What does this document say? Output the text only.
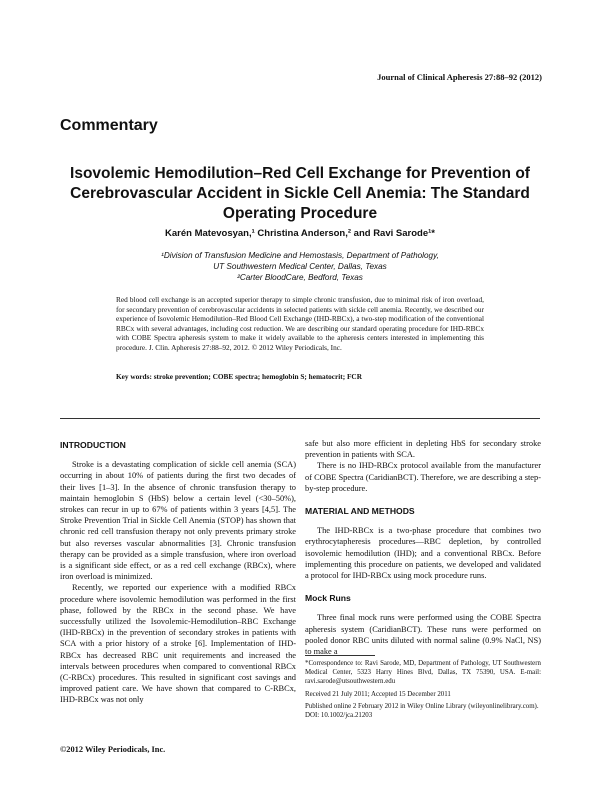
Journal of Clinical Apheresis 27:88–92 (2012)
Commentary
Isovolemic Hemodilution–Red Cell Exchange for Prevention of Cerebrovascular Accident in Sickle Cell Anemia: The Standard Operating Procedure
Karén Matevosyan,¹ Christina Anderson,² and Ravi Sarode¹*
¹Division of Transfusion Medicine and Hemostasis, Department of Pathology,
UT Southwestern Medical Center, Dallas, Texas
²Carter BloodCare, Bedford, Texas
Red blood cell exchange is an accepted superior therapy to simple chronic transfusion, due to minimal risk of iron overload, for secondary prevention of cerebrovascular accidents in selected patients with sickle cell anemia. Recently, we described our experience of Isovolemic Hemodilution–Red Blood Cell Exchange (IHD-RBCx), a two-step modification of the conventional RBCx with several advantages, including cost reduction. We are describing our standard operating procedure for IHD-RBCx with COBE Spectra apheresis system to make it widely available to the apheresis centers interested in implementing this procedure. J. Clin. Apheresis 27:88–92, 2012. © 2012 Wiley Periodicals, Inc.
Key words: stroke prevention; COBE spectra; hemoglobin S; hematocrit; FCR
INTRODUCTION

Stroke is a devastating complication of sickle cell anemia (SCA) occurring in about 10% of patients during the first two decades of their lives [1–3]. In the absence of chronic transfusion therapy to maintain hemoglobin S (HbS) below a certain level (<30–50%), strokes can recur in up to 67% of patients within 3 years [4,5]. The Stroke Prevention Trial in Sickle Cell Anemia (STOP) has shown that chronic red cell transfusion therapy not only prevents primary stroke but also reverses vascular abnormalities [3]. Chronic transfusion therapy can be provided as a simple transfusion, where iron overload is a significant side effect, or as a red cell exchange (RBCx), where iron overload is minimized.

Recently, we reported our experience with a modified RBCx procedure where isovolemic hemodilution was performed in the first phase, followed by the RBCx in the second phase. We have successfully utilized the Isovolemic-Hemodilution–RBC Exchange (IHD-RBCx) in the prevention of secondary strokes in patients with SCA with a prior history of a stroke [6]. Implementation of IHD-RBCx has decreased RBC unit requirements and increased the intervals between procedures when compared to conventional RBCx (C-RBCx) procedures. This resulted in significant cost savings and improved patient care. We have shown that compared to C-RBCx, IHD-RBCx was not only

safe but also more efficient in depleting HbS for secondary stroke prevention in patients with SCA.

There is no IHD-RBCx protocol available from the manufacturer of COBE Spectra (CaridianBCT). Therefore, we are describing a step-by-step procedure.

MATERIAL AND METHODS

The IHD-RBCx is a two-phase procedure that combines two erythrocytapheresis procedures—RBC depletion, by controlled isovolemic hemodilution (IHD); and a conventional RBCx. Before implementing this procedure on patients, we developed and validated a protocol for IHD-RBCx using mock procedure runs.

Mock Runs

Three final mock runs were performed using the COBE Spectra apheresis system (CaridianBCT). These runs were performed on pooled donor RBC units diluted with normal saline (0.9% NaCl, NS) to make a

*Correspondence to: Ravi Sarode, MD, Department of Pathology, UT Southwestern Medical Center, 5323 Harry Hines Blvd, Dallas, TX 75390, USA. E-mail: ravi.sarode@utsouthwestern.edu

Received 21 July 2011; Accepted 15 December 2011

Published online 2 February 2012 in Wiley Online Library (wileyonlinelibrary.com).

DOI: 10.1002/jca.21203

©2012 Wiley Periodicals, Inc.
